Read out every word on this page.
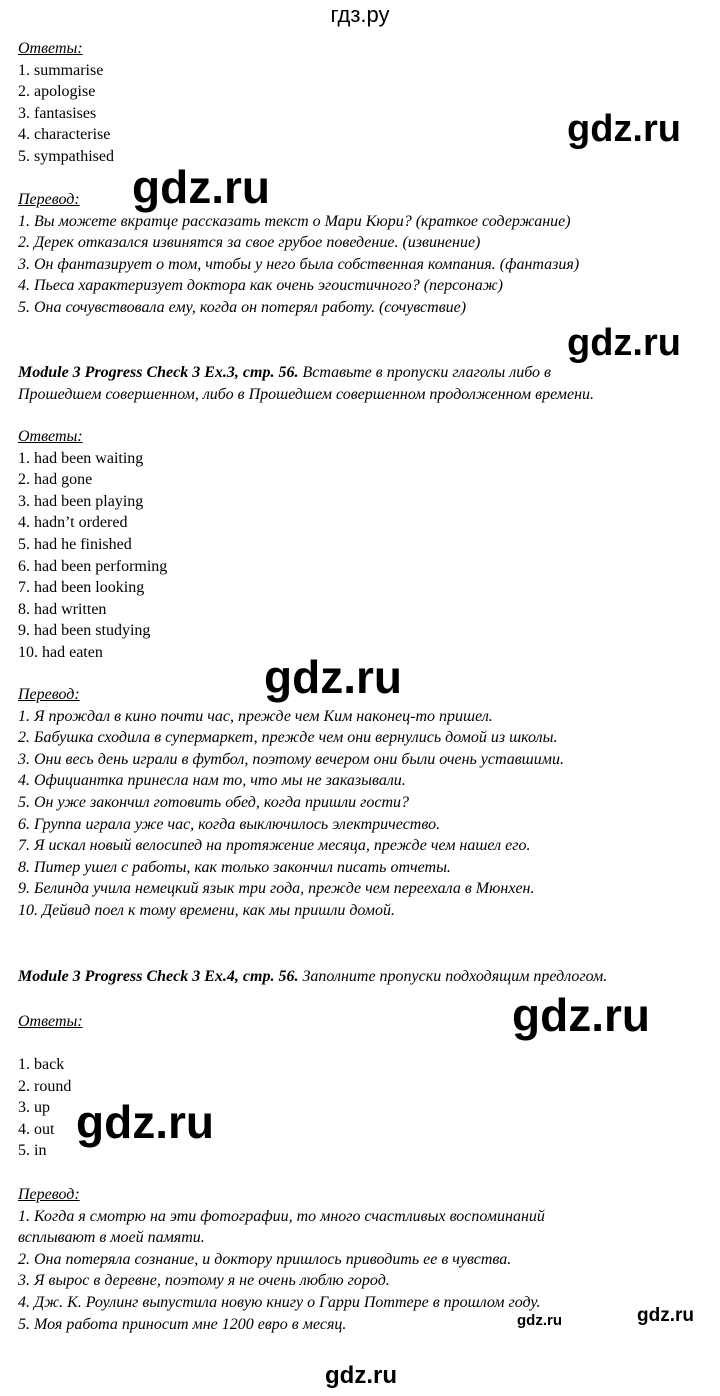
гдз.ру
Ответы:
1. summarise
2. apologise
3. fantasises
4. characterise
5. sympathised
Перевод:
1. Вы можете вкратце рассказать текст о Мари Кюри? (краткое содержание)
2. Дерек отказался извинятся за свое грубое поведение. (извинение)
3. Он фантазирует о том, чтобы у него была собственная компания. (фантазия)
4. Пьеса характеризует доктора как очень эгоистичного? (персонаж)
5. Она сочувствовала ему, когда он потерял работу. (сочувствие)
Module 3 Progress Check 3 Ex.3, стр. 56. Вставьте в пропуски глаголы либо в
Прошедшем совершенном, либо в Прошедшем совершенном продолженном времени.
Ответы:
1. had been waiting
2. had gone
3. had been playing
4. hadn’t ordered
5. had he finished
6. had been performing
7. had been looking
8. had written
9. had been studying
10. had eaten
Перевод:
1. Я прождал в кино почти час, прежде чем Ким наконец-то пришел.
2. Бабушка сходила в супермаркет, прежде чем они вернулись домой из школы.
3. Они весь день играли в футбол, поэтому вечером они были очень уставшими.
4. Официантка принесла нам то, что мы не заказывали.
5. Он уже закончил готовить обед, когда пришли гости?
6. Группа играла уже час, когда выключилось электричество.
7. Я искал новый велосипед на протяжение месяца, прежде чем нашел его.
8. Питер ушел с работы, как только закончил писать отчеты.
9. Белинда учила немецкий язык три года, прежде чем переехала в Мюнхен.
10. Дейвид поел к тому времени, как мы пришли домой.
Module 3 Progress Check 3 Ex.4, стр. 56. Заполните пропуски подходящим предлогом.
Ответы:
1. back
2. round
3. up
4. out
5. in
Перевод:
1. Когда я смотрю на эти фотографии, то много счастливых воспоминаний
всплывают в моей памяти.
2. Она потеряла сознание, и доктору пришлось приводить ее в чувства.
3. Я вырос в деревне, поэтому я не очень люблю город.
4. Дж. К. Роулинг выпустила новую книгу о Гарри Поттере в прошлом году.
5. Моя работа приносит мне 1200 евро в месяц.
gdz.ru
gdz.ru
gdz.ru
gdz.ru
gdz.ru
gdz.ru
gdz.ru
gdz.ru
gdz.ru
